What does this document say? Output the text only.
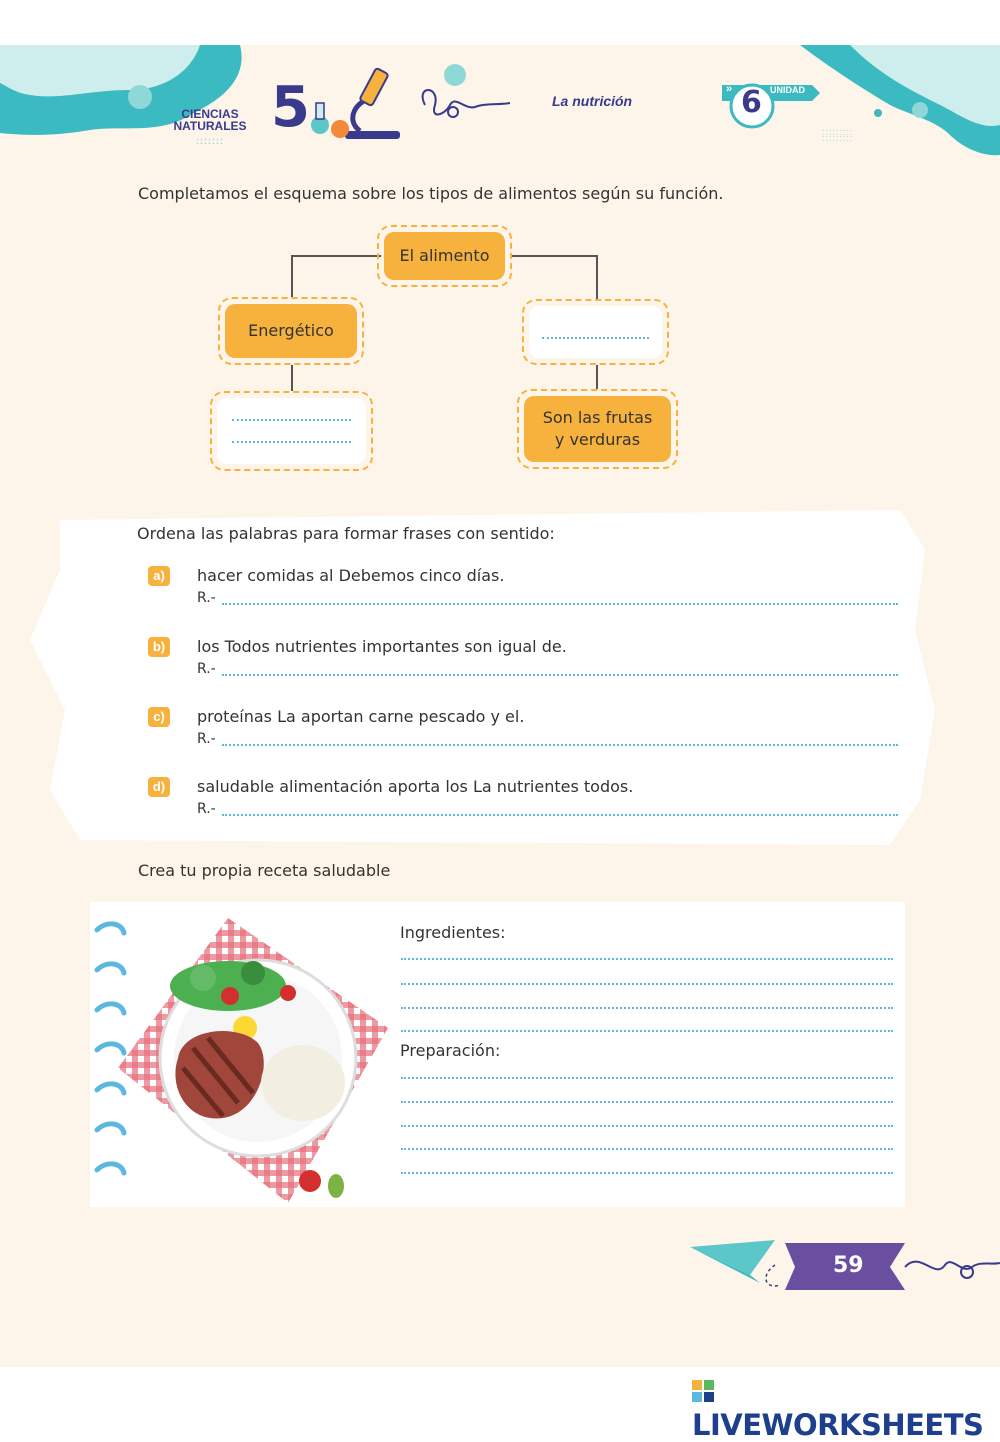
CIENCIAS
NATURALES
:::::::
5	La nutrición	6 UNIDAD
»
:::::::::
:::::::::
Completamos el esquema sobre los tipos de alimentos según su función.
El alimento
Energético
Son las frutas
y verduras
Ordena las palabras para formar frases con sentido:
a)	hacer comidas al Debemos cinco días.
R.-
b)	los Todos nutrientes importantes son igual de.
R.-
c)	proteínas La aportan carne pescado y el.
R.-
d)	saludable alimentación aporta los La nutrientes todos.
R.-
Crea tu propia receta saludable
Ingredientes:
Preparación:
59
LIVEWORKSHEETS
